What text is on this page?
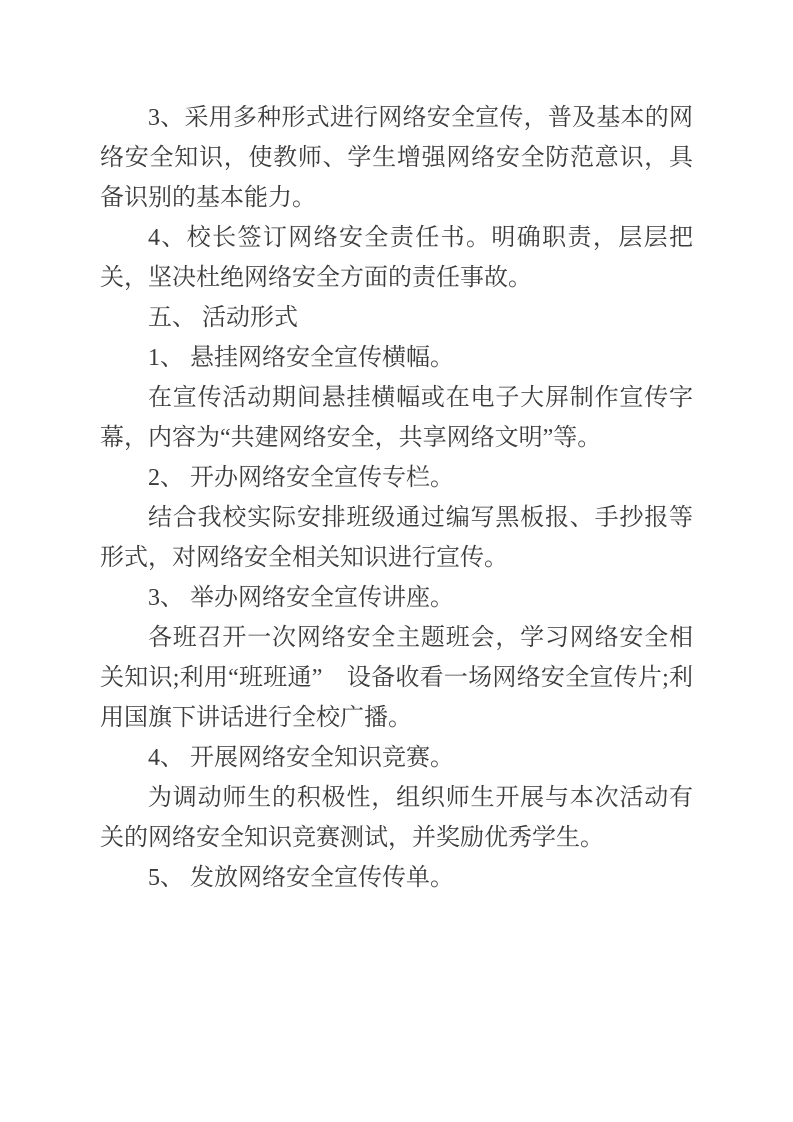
3、采用多种形式进行网络安全宣传，普及基本的网络安全知识，使教师、学生增强网络安全防范意识，具备识别的基本能力。

4、校长签订网络安全责任书。明确职责，层层把关，坚决杜绝网络安全方面的责任事故。

五、 活动形式

1、 悬挂网络安全宣传横幅。

在宣传活动期间悬挂横幅或在电子大屏制作宣传字幕，内容为“共建网络安全，共享网络文明”等。

2、 开办网络安全宣传专栏。

结合我校实际安排班级通过编写黑板报、手抄报等形式，对网络安全相关知识进行宣传。

3、 举办网络安全宣传讲座。

各班召开一次网络安全主题班会，学习网络安全相关知识;利用“班班通”　设备收看一场网络安全宣传片;利用国旗下讲话进行全校广播。

4、 开展网络安全知识竞赛。

为调动师生的积极性，组织师生开展与本次活动有关的网络安全知识竞赛测试，并奖励优秀学生。

5、 发放网络安全宣传传单。
